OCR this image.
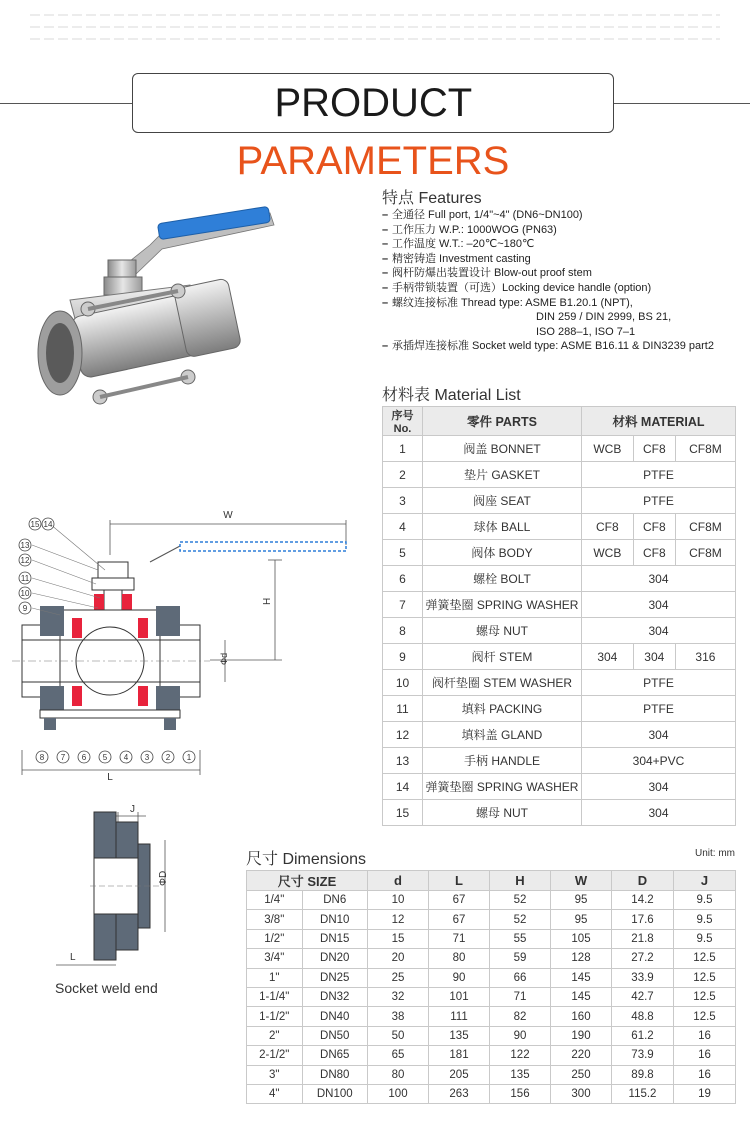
PRODUCT PARAMETERS
特点 Features
– 全通径 Full port, 1/4"~4" (DN6~DN100)
– 工作压力 W.P.: 1000WOG (PN63)
– 工作温度 W.T.: –20℃~180℃
– 精密铸造 Investment casting
– 阀杆防爆出装置设计 Blow-out proof stem
– 手柄带锁装置（可选）Locking device handle (option)
– 螺纹连接标准 Thread type: ASME B1.20.1 (NPT),
DIN 259 / DIN 2999, BS 21,
ISO 288–1, ISO 7–1
– 承插焊连接标准 Socket weld type: ASME B16.11 & DIN3239 part2
材料表 Material List
序号No.	零件 PARTS	材料 MATERIAL		
1	阀盖 BONNET	WCB	CF8	CF8M
2	垫片 GASKET	PTFE		
3	阀座 SEAT	PTFE		
4	球体 BALL	CF8	CF8	CF8M
5	阀体 BODY	WCB	CF8	CF8M
6	螺栓 BOLT	304		
7	弹簧垫圈 SPRING WASHER	304		
8	螺母 NUT	304		
9	阀杆 STEM	304	304	316
10	阀杆垫圈 STEM WASHER	PTFE		
11	填料 PACKING	PTFE		
12	填料盖 GLAND	304		
13	手柄 HANDLE	304+PVC		
14	弹簧垫圈 SPRING WASHER	304		
15	螺母 NUT	304		
W
H
Φd
L
15 14
13
12
11
10
9
8 7 6 5 4 3 2 1
J
ΦD
L
Socket weld end
尺寸 Dimensions	Unit: mm
尺寸 SIZE		d	L	H	W	D	J
1/4"	DN6	10	67	52	95	14.2	9.5
3/8"	DN10	12	67	52	95	17.6	9.5
1/2"	DN15	15	71	55	105	21.8	9.5
3/4"	DN20	20	80	59	128	27.2	12.5
1"	DN25	25	90	66	145	33.9	12.5
1-1/4"	DN32	32	101	71	145	42.7	12.5
1-1/2"	DN40	38	111	82	160	48.8	12.5
2"	DN50	50	135	90	190	61.2	16
2-1/2"	DN65	65	181	122	220	73.9	16
3"	DN80	80	205	135	250	89.8	16
4"	DN100	100	263	156	300	115.2	19
